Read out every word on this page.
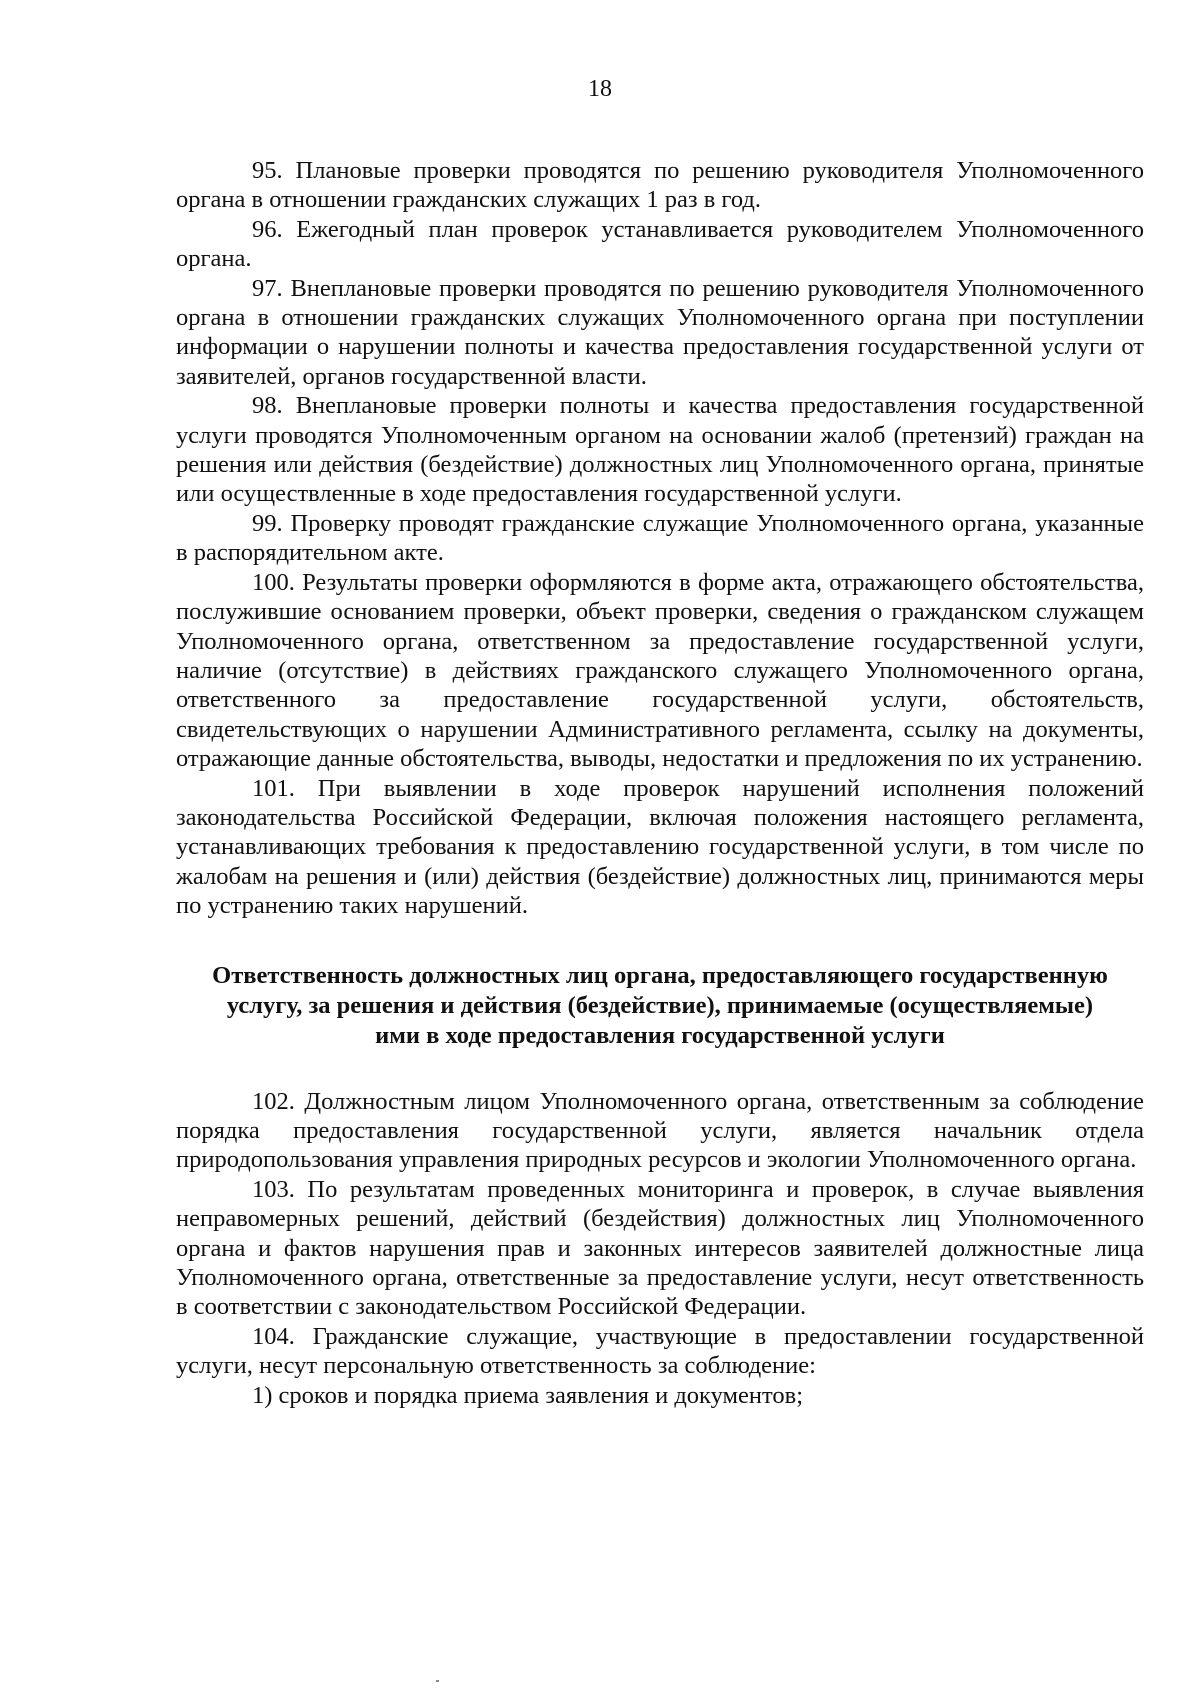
18

95. Плановые проверки проводятся по решению руководителя Уполномоченного органа в отношении гражданских служащих 1 раз в год.

96. Ежегодный план проверок устанавливается руководителем Уполномоченного органа.

97. Внеплановые проверки проводятся по решению руководителя Уполномоченного органа в отношении гражданских служащих Уполномоченного органа при поступлении информации о нарушении полноты и качества предоставления государственной услуги от заявителей, органов государственной власти.

98. Внеплановые проверки полноты и качества предоставления государственной услуги проводятся Уполномоченным органом на основании жалоб (претензий) граждан на решения или действия (бездействие) должностных лиц Уполномоченного органа, принятые или осуществленные в ходе предоставления государственной услуги.

99. Проверку проводят гражданские служащие Уполномоченного органа, указанные в распорядительном акте.

100. Результаты проверки оформляются в форме акта, отражающего обстоятельства, послужившие основанием проверки, объект проверки, сведения о гражданском служащем Уполномоченного органа, ответственном за предоставление государственной услуги, наличие (отсутствие) в действиях гражданского служащего Уполномоченного органа, ответственного за предоставление государственной услуги, обстоятельств, свидетельствующих о нарушении Административного регламента, ссылку на документы, отражающие данные обстоятельства, выводы, недостатки и предложения по их устранению.

101. При выявлении в ходе проверок нарушений исполнения положений законодательства Российской Федерации, включая положения настоящего регламента, устанавливающих требования к предоставлению государственной услуги, в том числе по жалобам на решения и (или) действия (бездействие) должностных лиц, принимаются меры по устранению таких нарушений.

Ответственность должностных лиц органа, предоставляющего государственную
услугу, за решения и действия (бездействие), принимаемые (осуществляемые)
ими в ходе предоставления государственной услуги

102. Должностным лицом Уполномоченного органа, ответственным за соблюдение порядка предоставления государственной услуги, является начальник отдела природопользования управления природных ресурсов и экологии Уполномоченного органа.

103. По результатам проведенных мониторинга и проверок, в случае выявления неправомерных решений, действий (бездействия) должностных лиц Уполномоченного органа и фактов нарушения прав и законных интересов заявителей должностные лица Уполномоченного органа, ответственные за предоставление услуги, несут ответственность в соответствии с законодательством Российской Федерации.

104. Гражданские служащие, участвующие в предоставлении государственной услуги, несут персональную ответственность за соблюдение:

1) сроков и порядка приема заявления и документов;
